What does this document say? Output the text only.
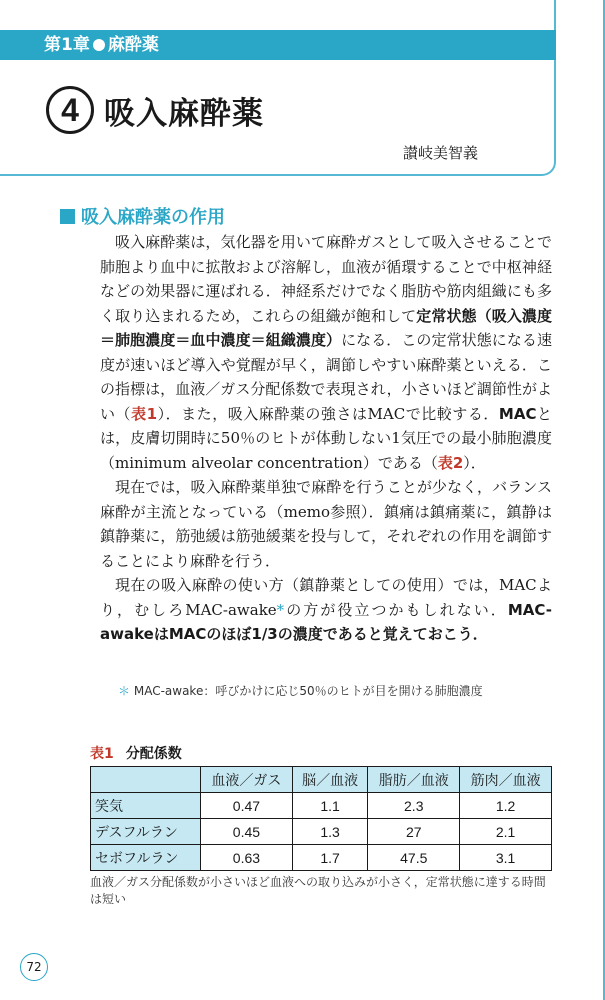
第1章 麻酔薬
4 吸入麻酔薬
讃岐美智義
吸入麻酔薬の作用

吸入麻酔薬は，気化器を用いて麻酔ガスとして吸入させることで肺胞より血中に拡散および溶解し，血液が循環することで中枢神経などの効果器に運ばれる．神経系だけでなく脂肪や筋肉組織にも多く取り込まれるため，これらの組織が飽和して定常状態（吸入濃度＝肺胞濃度＝血中濃度＝組織濃度）になる．この定常状態になる速度が速いほど導入や覚醒が早く，調節しやすい麻酔薬といえる．この指標は，血液／ガス分配係数で表現され，小さいほど調節性がよい（表1）．また，吸入麻酔薬の強さはMACで比較する．MACとは，皮膚切開時に50％のヒトが体動しない1気圧での最小肺胞濃度（minimum alveolar concentration）である（表2）．

現在では，吸入麻酔薬単独で麻酔を行うことが少なく，バランス麻酔が主流となっている（memo参照）．鎮痛は鎮痛薬に，鎮静は鎮静薬に，筋弛緩は筋弛緩薬を投与して，それぞれの作用を調節することにより麻酔を行う．

現在の吸入麻酔の使い方（鎮静薬としての使用）では，MACより，むしろMAC-awake*の方が役立つかもしれない．MAC-awakeはMACのほぼ1/3の濃度であると覚えておこう．

＊ MAC-awake：呼びかけに応じ50％のヒトが目を開ける肺胞濃度
表1 分配係数
	血液／ガス	脳／血液	脂肪／血液	筋肉／血液
笑気	0.47	1.1	2.3	1.2
デスフルラン	0.45	1.3	27	2.1
セボフルラン	0.63	1.7	47.5	3.1
血液／ガス分配係数が小さいほど血液への取り込みが小さく，定常状態に達する時間は短い
72
